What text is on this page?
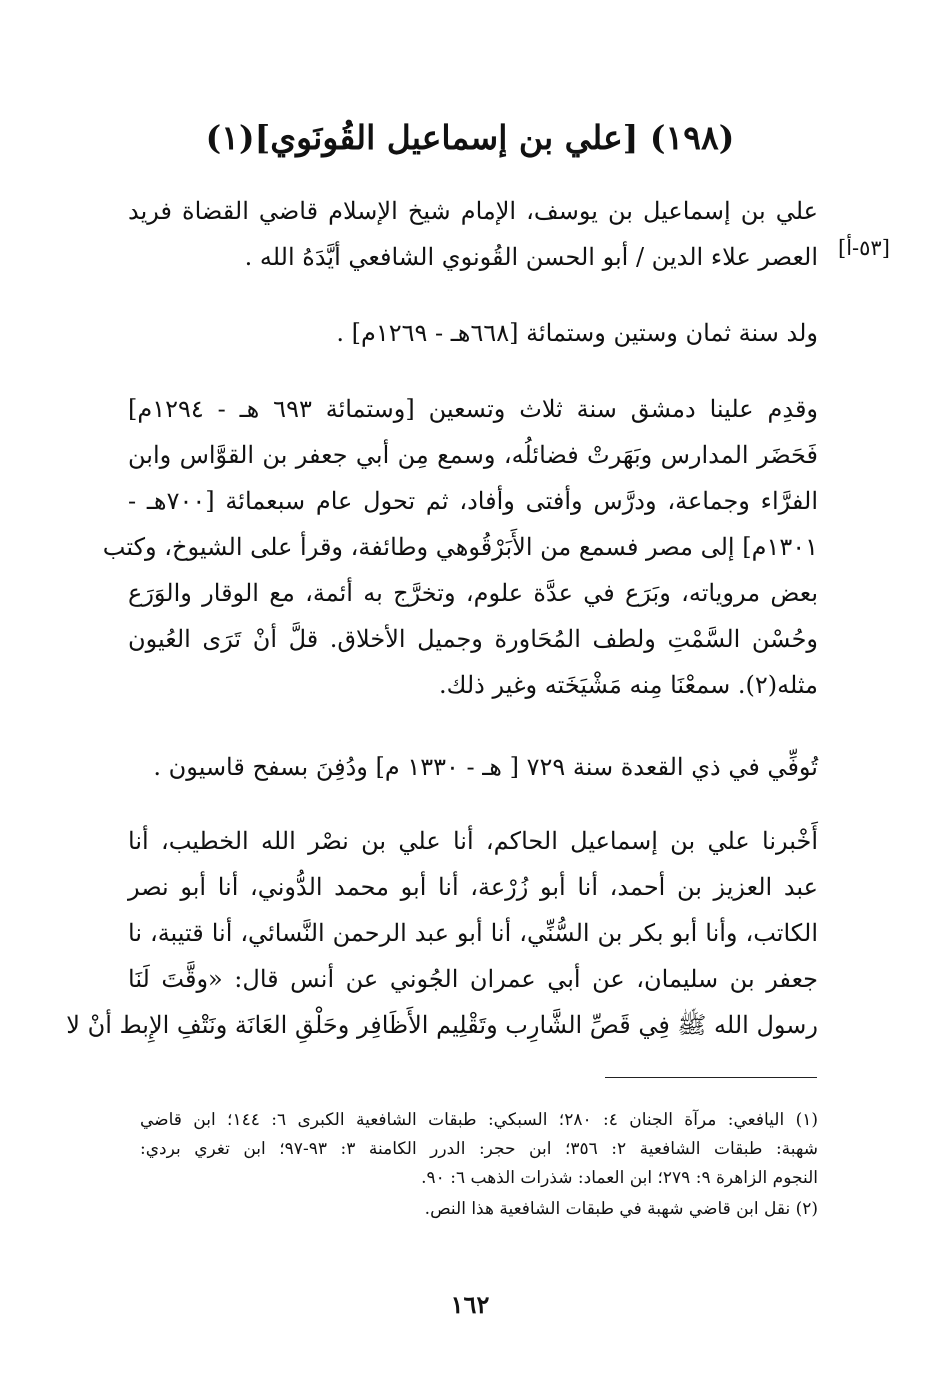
(١٩٨) [علي بن إسماعيل القُونَوي](١)
[٥٣-أ]
علي بن إسماعيل بن يوسف، الإمام شيخ الإسلام قاضي القضاة فريد
العصر علاء الدين / أبو الحسن القُونوي الشافعي أيَّدَهُ الله .
ولد سنة ثمان وستين وستمائة [٦٦٨هـ - ١٢٦٩م] .
وقدِم علينا دمشق سنة ثلاث وتسعين [وستمائة ٦٩٣ هـ - ١٢٩٤م]
فَحَضَر المدارس وبَهَرتْ فضائلُه، وسمع مِن أبي جعفر بن القوَّاس وابن
الفرَّاء وجماعة، ودرَّس وأفتى وأفاد، ثم تحول عام سبعمائة [٧٠٠هـ -
١٣٠١م] إلى مصر فسمع من الأَبَرْقُوهي وطائفة، وقرأ على الشيوخ، وكتب
بعض مروياته، وبَرَع في عدَّة علوم، وتخرَّج به أئمة، مع الوقار والوَرَع
وحُسْن السَّمْتِ ولطف المُحَاورة وجميل الأخلاق. قلَّ أنْ تَرَى العُيون
مثله(٢). سمعْنَا مِنه مَشْيَخَته وغير ذلك.
تُوفِّي في ذي القعدة سنة ٧٢٩ [ هـ - ١٣٣٠ م] ودُفِنَ بسفح قاسيون .
أَخْبرنا علي بن إسماعيل الحاكم، أنا علي بن نصْر الله الخطيب، أنا
عبد العزيز بن أحمد، أنا أبو زُرْعة، أنا أبو محمد الدُّوني، أنا أبو نصر
الكاتب، وأنا أبو بكر بن السُّنِّي، أنا أبو عبد الرحمن النَّسائي، أنا قتيبة، نا
جعفر بن سليمان، عن أبي عمران الجُوني عن أنس قال: «وقَّتَ لَنَا
رسول الله ﷺ فِي قَصِّ الشَّارِب وتَقْلِيم الأَظَافِر وحَلْقِ العَانَة ونَتْفِ الإِبط أنْ لا
(١) اليافعي: مرآة الجنان ٤: ٢٨٠؛ السبكي: طبقات الشافعية الكبرى ٦: ١٤٤؛ ابن قاضي
شهبة: طبقات الشافعية ٢: ٣٥٦؛ ابن حجر: الدرر الكامنة ٣: ٩٣-٩٧؛ ابن تغري بردي:
النجوم الزاهرة ٩: ٢٧٩؛ ابن العماد: شذرات الذهب ٦: ٩٠.
(٢) نقل ابن قاضي شهبة في طبقات الشافعية هذا النص.
١٦٢
